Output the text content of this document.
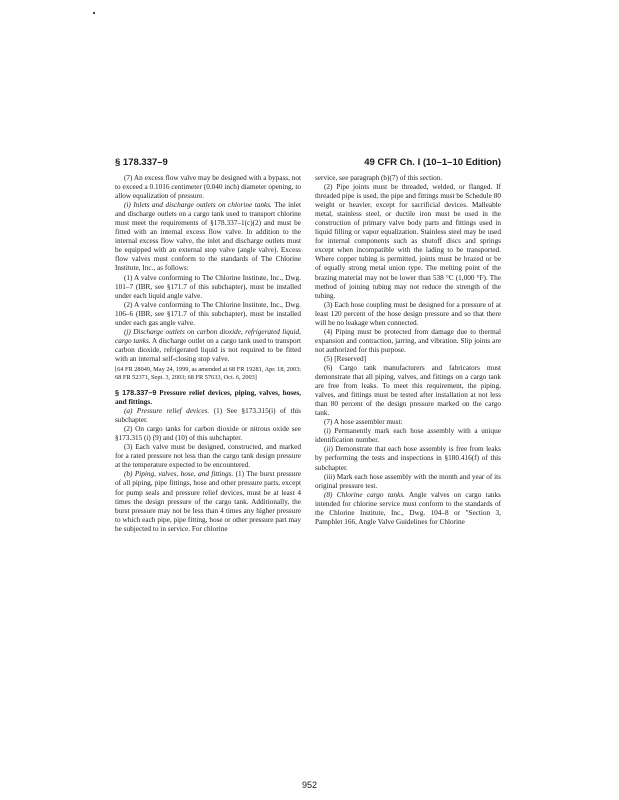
§ 178.337–9	49 CFR Ch. I (10–1–10 Edition)

(7) An excess flow valve may be designed with a bypass, not to exceed a 0.1016 centimeter (0.040 inch) diameter opening, to allow equalization of pressure.

(i) Inlets and discharge outlets on chlorine tanks. The inlet and discharge outlets on a cargo tank used to transport chlorine must meet the requirements of §178.337–1(c)(2) and must be fitted with an internal excess flow valve. In addition to the internal excess flow valve, the inlet and discharge outlets must be equipped with an external stop valve (angle valve). Excess flow valves must conform to the standards of The Chlorine Institute, Inc., as follows:

(1) A valve conforming to The Chlorine Institute, Inc., Dwg. 101–7 (IBR, see §171.7 of this subchapter), must be installed under each liquid angle valve.

(2) A valve conforming to The Chlorine Institute, Inc., Dwg. 106–6 (IBR, see §171.7 of this subchapter), must be installed under each gas angle valve.

(j) Discharge outlets on carbon dioxide, refrigerated liquid, cargo tanks. A discharge outlet on a cargo tank used to transport carbon dioxide, refrigerated liquid is not required to be fitted with an internal self-closing stop valve.

[64 FR 28049, May 24, 1999, as amended at 68 FR 19281, Apr. 18, 2003; 68 FR 52371, Sept. 3, 2003; 68 FR 57633, Oct. 6, 2003]

§ 178.337–9 Pressure relief devices, piping, valves, hoses, and fittings.

(a) Pressure relief devices. (1) See §173.315(i) of this subchapter.

(2) On cargo tanks for carbon dioxide or nitrous oxide see §173.315 (i) (9) and (10) of this subchapter.

(3) Each valve must be designed, constructed, and marked for a rated pressure not less than the cargo tank design pressure at the temperature expected to be encountered.

(b) Piping, valves, hose, and fittings. (1) The burst pressure of all piping, pipe fittings, hose and other pressure parts, except for pump seals and pressure relief devices, must be at least 4 times the design pressure of the cargo tank. Additionally, the burst pressure may not be less than 4 times any higher pressure to which each pipe, pipe fitting, hose or other pressure part may be subjected to in service. For chlorine

service, see paragraph (b)(7) of this section.

(2) Pipe joints must be threaded, welded, or flanged. If threaded pipe is used, the pipe and fittings must be Schedule 80 weight or heavier, except for sacrificial devices. Malleable metal, stainless steel, or ductile iron must be used in the construction of primary valve body parts and fittings used in liquid filling or vapor equalization. Stainless steel may be used for internal components such as shutoff discs and springs except when incompatible with the lading to be transported. Where copper tubing is permitted, joints must be brazed or be of equally strong metal union type. The melting point of the brazing material may not be lower than 538 °C (1,000 °F). The method of joining tubing may not reduce the strength of the tubing.

(3) Each hose coupling must be designed for a pressure of at least 120 percent of the hose design pressure and so that there will be no leakage when connected.

(4) Piping must be protected from damage due to thermal expansion and contraction, jarring, and vibration. Slip joints are not authorized for this purpose.

(5) [Reserved]

(6) Cargo tank manufacturers and fabricators must demonstrate that all piping, valves, and fittings on a cargo tank are free from leaks. To meet this requirement, the piping, valves, and fittings must be tested after installation at not less than 80 percent of the design pressure marked on the cargo tank.

(7) A hose assembler must:

(i) Permanently mark each hose assembly with a unique identification number.

(ii) Demonstrate that each hose assembly is free from leaks by performing the tests and inspections in §180.416(f) of this subchapter.

(iii) Mark each hose assembly with the month and year of its original pressure test.

(8) Chlorine cargo tanks. Angle valves on cargo tanks intended for chlorine service must conform to the standards of the Chlorine Institute, Inc., Dwg. 104–8 or "Section 3, Pamphlet 166, Angle Valve Guidelines for Chlorine

952
